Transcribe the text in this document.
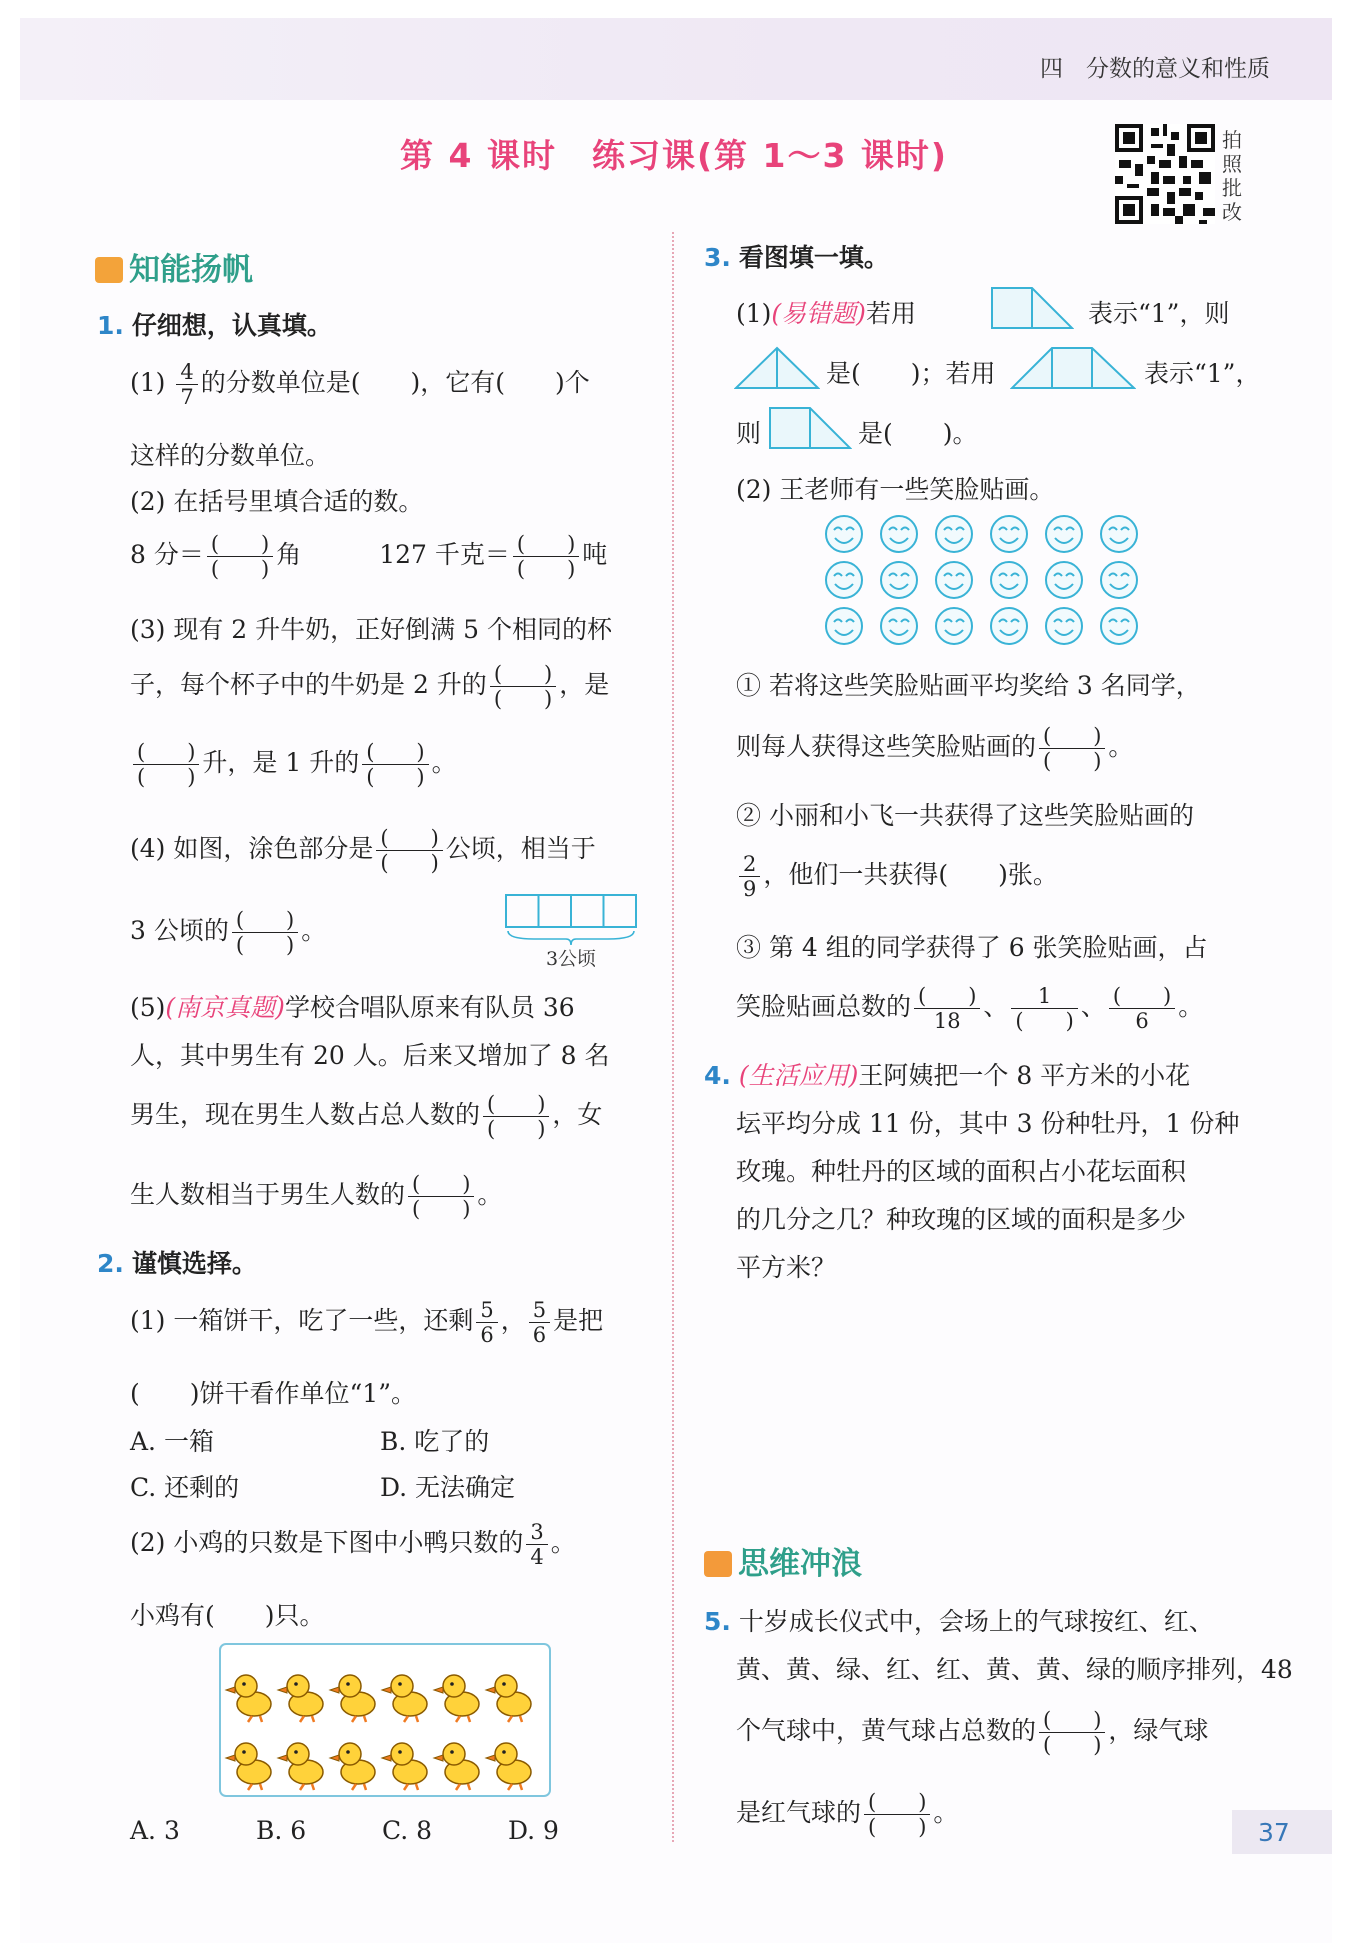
四　分数的意义和性质
第 4 课时　练习课(第 1～3 课时)	拍
照
批
改
知能扬帆
1. 仔细想，认真填。
$(1) \frac{4}{7}$ 的分数单位是(　　)，它有(　　)个
这样的分数单位。
(2) 在括号里填合适的数。
8 分＝ $\frac{( )}{( )}$ 角	127 千克＝ $\frac{( )}{( )}$ 吨
(3) 现有 2 升牛奶，正好倒满 5 个相同的杯
子，每个杯子中的牛奶是 2 升的 $\frac{( )}{( )}$ ，是
$\frac{( )}{( )}$ 升，是 1 升的 $\frac{( )}{( )}$ 。
(4) 如图，涂色部分是 $\frac{( )}{( )}$ 公顷，相当于
3 公顷的 $\frac{( )}{( )}$ 。
3公顷
(5)(南京真题)学校合唱队原来有队员 36
人，其中男生有 20 人。后来又增加了 8 名
男生，现在男生人数占总人数的 $\frac{( )}{( )}$ ，女
生人数相当于男生人数的 $\frac{( )}{( )}$ 。
2. 谨慎选择。
(1) 一箱饼干，吃了一些，还剩 $\frac{5}{6}$ ， $\frac{5}{6}$ 是把
(　　)饼干看作单位“1”。
A. 一箱	B. 吃了的
C. 还剩的	D. 无法确定
(2) 小鸡的只数是下图中小鸭只数的 $\frac{3}{4}$ 。
小鸡有(　　)只。
A. 3	B. 6	C. 8	D. 9
3. 看图填一填。
(1)(易错题)若用	表示“1”，则
是(　　)；若用	表示“1”，
则	是(　　)。
(2) 王老师有一些笑脸贴画。
① 若将这些笑脸贴画平均奖给 3 名同学，
则每人获得这些笑脸贴画的 $\frac{( )}{( )}$ 。
② 小丽和小飞一共获得了这些笑脸贴画的
$\frac{2}{9}$ ，他们一共获得(　　)张。
③ 第 4 组的同学获得了 6 张笑脸贴画，占
笑脸贴画总数的 $\frac{( )}{18}$ 、 $\frac{1}{( )}$ 、 $\frac{( )}{6}$ 。
4. (生活应用)王阿姨把一个 8 平方米的小花
坛平均分成 11 份，其中 3 份种牡丹，1 份种
玫瑰。种牡丹的区域的面积占小花坛面积
的几分之几？种玫瑰的区域的面积是多少
平方米？
思维冲浪
5. 十岁成长仪式中，会场上的气球按红、红、
黄、黄、绿、红、红、黄、黄、绿的顺序排列，48
个气球中，黄气球占总数的 $\frac{( )}{( )}$ ，绿气球
是红气球的 $\frac{( )}{( )}$ 。
37
